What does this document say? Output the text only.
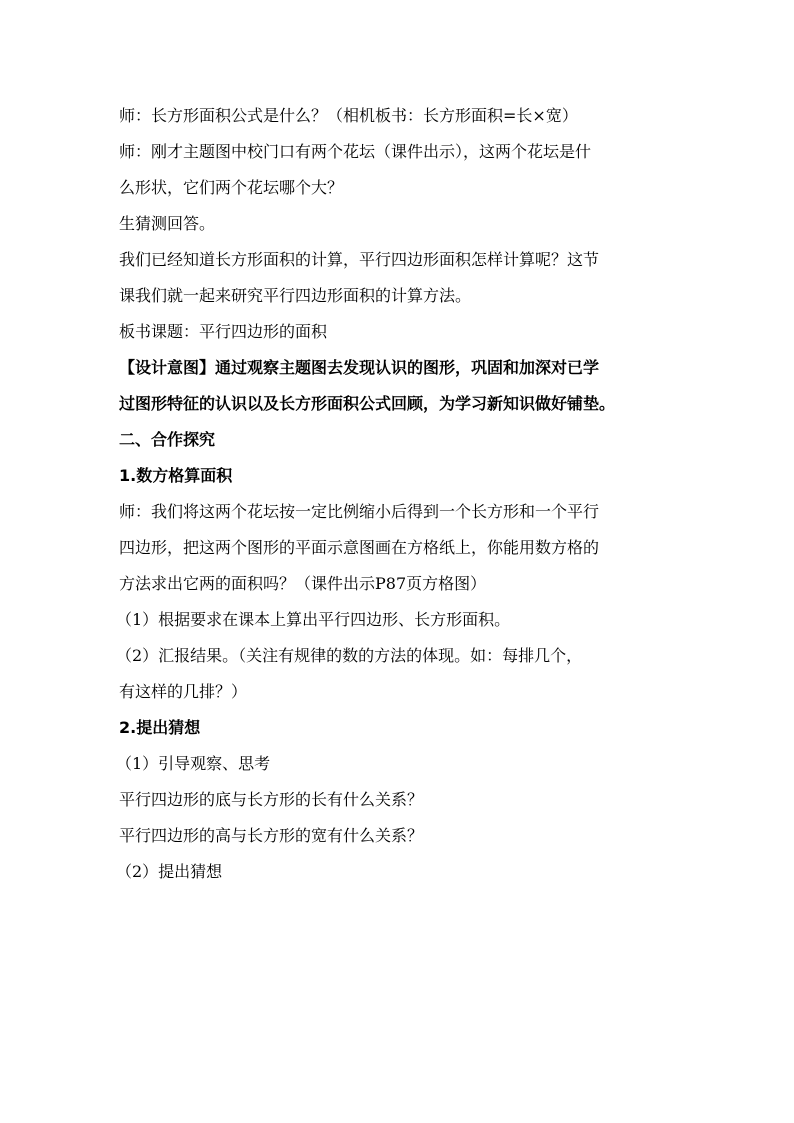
师：长方形面积公式是什么？（相机板书：长方形面积=长×宽）
师：刚才主题图中校门口有两个花坛（课件出示），这两个花坛是什
么形状，它们两个花坛哪个大？
生猜测回答。
我们已经知道长方形面积的计算，平行四边形面积怎样计算呢？这节
课我们就一起来研究平行四边形面积的计算方法。
板书课题：平行四边形的面积
【设计意图】通过观察主题图去发现认识的图形，巩固和加深对已学
过图形特征的认识以及长方形面积公式回顾，为学习新知识做好铺垫。
二、合作探究
1.数方格算面积
师：我们将这两个花坛按一定比例缩小后得到一个长方形和一个平行
四边形，把这两个图形的平面示意图画在方格纸上，你能用数方格的
方法求出它两的面积吗？（课件出示P87页方格图）
（1）根据要求在课本上算出平行四边形、长方形面积。
（2）汇报结果。（关注有规律的数的方法的体现。如：每排几个，
有这样的几排？）
2.提出猜想
（1）引导观察、思考
平行四边形的底与长方形的长有什么关系？
平行四边形的高与长方形的宽有什么关系？
（2）提出猜想
